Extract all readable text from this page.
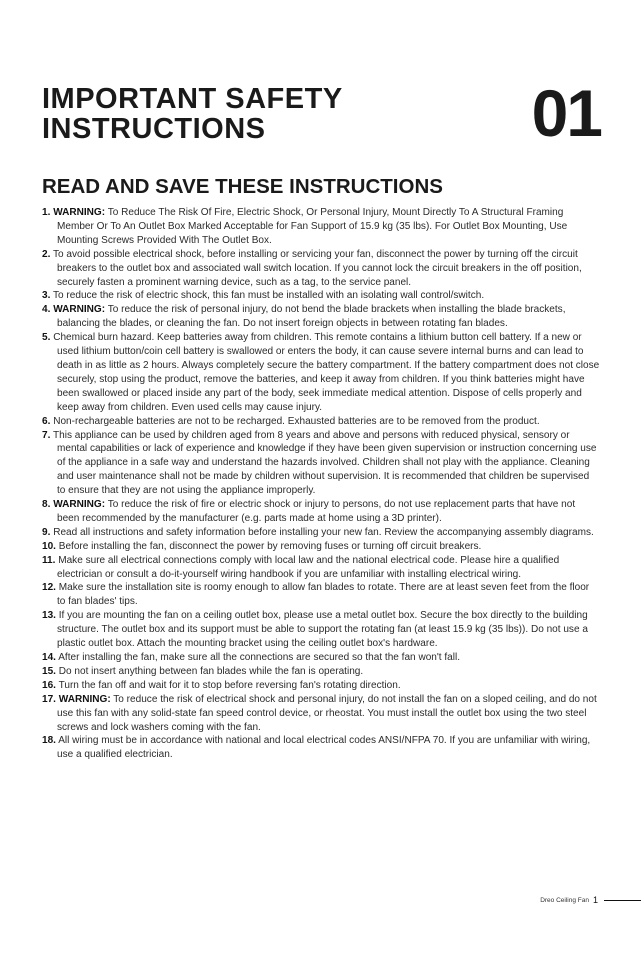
IMPORTANT SAFETY
INSTRUCTIONS	01
READ AND SAVE THESE INSTRUCTIONS
1. WARNING: To Reduce The Risk Of Fire, Electric Shock, Or Personal Injury, Mount Directly To A Structural Framing Member Or To An Outlet Box Marked Acceptable for Fan Support of 15.9 kg (35 lbs). For Outlet Box Mounting, Use Mounting Screws Provided With The Outlet Box.
2. To avoid possible electrical shock, before installing or servicing your fan, disconnect the power by turning off the circuit breakers to the outlet box and associated wall switch location. If you cannot lock the circuit breakers in the off position, securely fasten a prominent warning device, such as a tag, to the service panel.
3. To reduce the risk of electric shock, this fan must be installed with an isolating wall control/switch.
4. WARNING: To reduce the risk of personal injury, do not bend the blade brackets when installing the blade brackets, balancing the blades, or cleaning the fan. Do not insert foreign objects in between rotating fan blades.
5. Chemical burn hazard. Keep batteries away from children. This remote contains a lithium button cell battery. If a new or used lithium button/coin cell battery is swallowed or enters the body, it can cause severe internal burns and can lead to death in as little as 2 hours. Always completely secure the battery compartment. If the battery compartment does not close securely, stop using the product, remove the batteries, and keep it away from children. If you think batteries might have been swallowed or placed inside any part of the body, seek immediate medical attention. Dispose of cells properly and keep away from children. Even used cells may cause injury.
6. Non-rechargeable batteries are not to be recharged. Exhausted batteries are to be removed from the product.
7. This appliance can be used by children aged from 8 years and above and persons with reduced physical, sensory or mental capabilities or lack of experience and knowledge if they have been given supervision or instruction concerning use of the appliance in a safe way and understand the hazards involved. Children shall not play with the appliance. Cleaning and user maintenance shall not be made by children without supervision. It is recommended that children be supervised to ensure that they are not using the appliance improperly.
8. WARNING: To reduce the risk of fire or electric shock or injury to persons, do not use replacement parts that have not been recommended by the manufacturer (e.g. parts made at home using a 3D printer).
9. Read all instructions and safety information before installing your new fan. Review the accompanying assembly diagrams.
10. Before installing the fan, disconnect the power by removing fuses or turning off circuit breakers.
11. Make sure all electrical connections comply with local law and the national electrical code. Please hire a qualified electrician or consult a do-it-yourself wiring handbook if you are unfamiliar with installing electrical wiring.
12. Make sure the installation site is roomy enough to allow fan blades to rotate. There are at least seven feet from the floor to fan blades' tips.
13. If you are mounting the fan on a ceiling outlet box, please use a metal outlet box. Secure the box directly to the building structure. The outlet box and its support must be able to support the rotating fan (at least 15.9 kg (35 lbs)). Do not use a plastic outlet box. Attach the mounting bracket using the ceiling outlet box's hardware.
14. After installing the fan, make sure all the connections are secured so that the fan won't fall.
15. Do not insert anything between fan blades while the fan is operating.
16. Turn the fan off and wait for it to stop before reversing fan's rotating direction.
17. WARNING: To reduce the risk of electrical shock and personal injury, do not install the fan on a sloped ceiling, and do not use this fan with any solid-state fan speed control device, or rheostat. You must install the outlet box using the two steel screws and lock washers coming with the fan.
18. All wiring must be in accordance with national and local electrical codes ANSI/NFPA 70. If you are unfamiliar with wiring, use a qualified electrician.
Dreo Ceiling Fan 1
